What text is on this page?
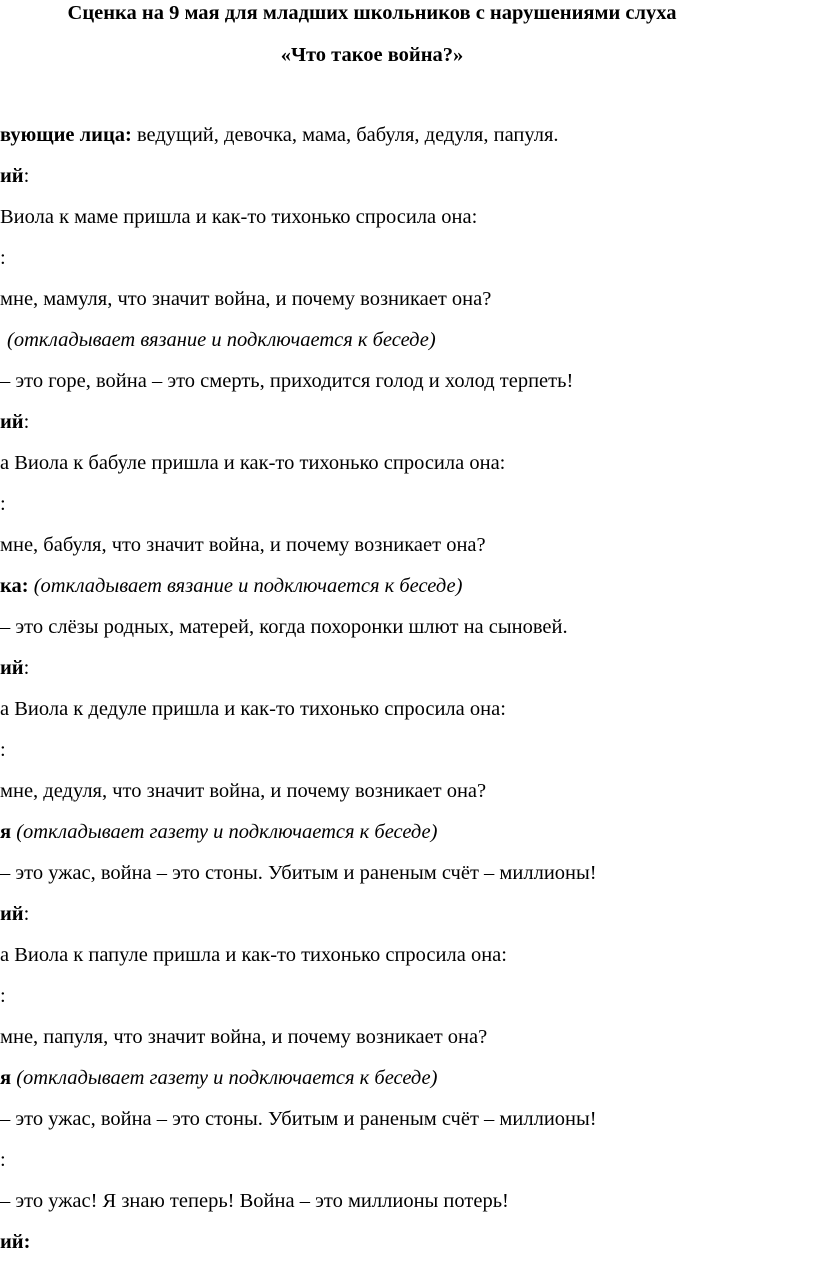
Сценка на 9 мая для младших школьников с нарушениями слуха
«Что такое война?»
вующие лица: ведущий, девочка, мама, бабуля, дедуля, папуля.
ий:
Виола к маме пришла и как-то тихонько спросила она:
:
мне, мамуля, что значит война, и почему возникает она?
(откладывает вязание и подключается к беседе)
– это горе, война – это смерть, приходится голод и холод терпеть!
ий:
а Виола к бабуле пришла и как-то тихонько спросила она:
:
мне, бабуля, что значит война, и почему возникает она?
ка: (откладывает вязание и подключается к беседе)
– это слёзы родных, матерей, когда похоронки шлют на сыновей.
ий:
а Виола к дедуле пришла и как-то тихонько спросила она:
:
мне, дедуля, что значит война, и почему возникает она?
я (откладывает газету и подключается к беседе)
– это ужас, война – это стоны. Убитым и раненым счёт – миллионы!
ий:
а Виола к папуле пришла и как-то тихонько спросила она:
:
мне, папуля, что значит война, и почему возникает она?
я (откладывает газету и подключается к беседе)
– это ужас, война – это стоны. Убитым и раненым счёт – миллионы!
:
– это ужас! Я знаю теперь! Война – это миллионы потерь!
ий:
